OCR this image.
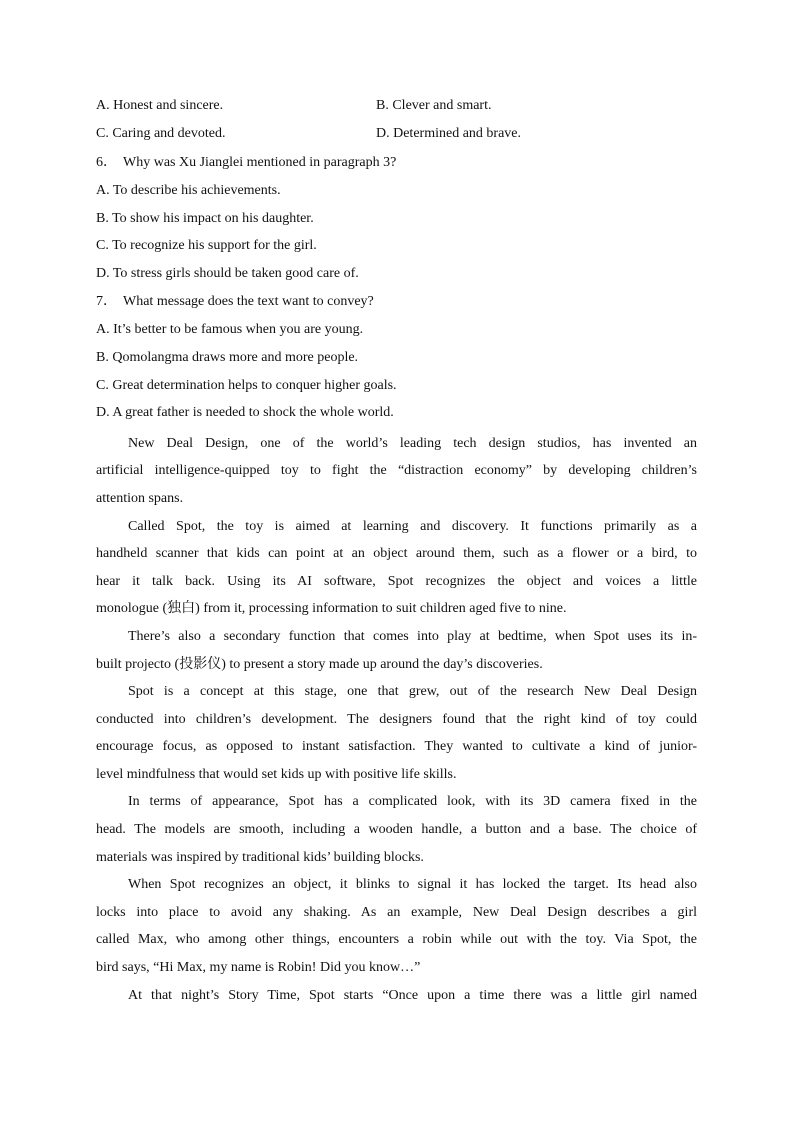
A. Honest and sincere.	B. Clever and smart.
C. Caring and devoted.	D. Determined and brave.
6． Why was Xu Jianglei mentioned in paragraph 3?
A. To describe his achievements.
B. To show his impact on his daughter.
C. To recognize his support for the girl.
D. To stress girls should be taken good care of.
7． What message does the text want to convey?
A. It’s better to be famous when you are young.
B. Qomolangma draws more and more people.
C. Great determination helps to conquer higher goals.
D. A great father is needed to shock the whole world.
New Deal Design, one of the world’s leading tech design studios, has invented an
artificial intelligence-quipped toy to fight the “distraction economy” by developing children’s
attention spans.
Called Spot, the toy is aimed at learning and discovery. It functions primarily as a
handheld scanner that kids can point at an object around them, such as a flower or a bird, to
hear it talk back. Using its AI software, Spot recognizes the object and voices a little
monologue (独白) from it, processing information to suit children aged five to nine.
There’s also a secondary function that comes into play at bedtime, when Spot uses its in-
built projecto (投影仪) to present a story made up around the day’s discoveries.
Spot is a concept at this stage, one that grew, out of the research New Deal Design
conducted into children’s development. The designers found that the right kind of toy could
encourage focus, as opposed to instant satisfaction. They wanted to cultivate a kind of junior-
level mindfulness that would set kids up with positive life skills.
In terms of appearance, Spot has a complicated look, with its 3D camera fixed in the
head. The models are smooth, including a wooden handle, a button and a base. The choice of
materials was inspired by traditional kids’ building blocks.
When Spot recognizes an object, it blinks to signal it has locked the target. Its head also
locks into place to avoid any shaking. As an example, New Deal Design describes a girl
called Max, who among other things, encounters a robin while out with the toy. Via Spot, the
bird says, “Hi Max, my name is Robin! Did you know…”
At that night’s Story Time, Spot starts “Once upon a time there was a little girl named
